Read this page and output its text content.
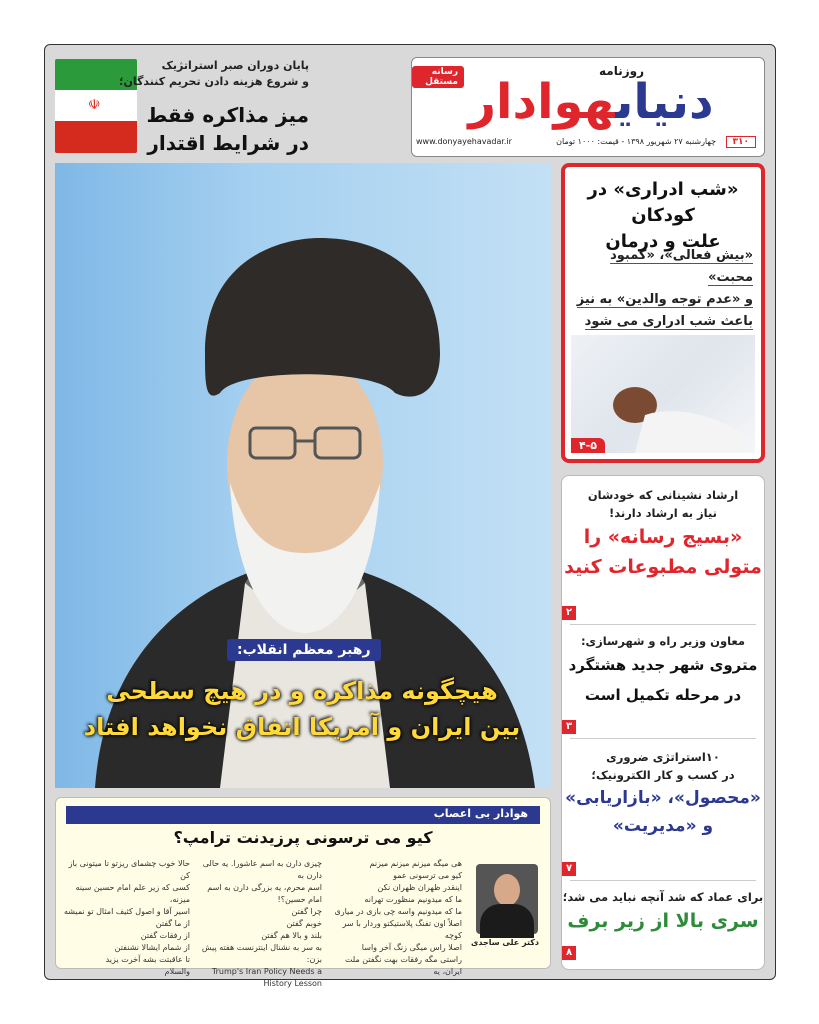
☫
پایان دوران صبر استراتژیک
و شروع هزینه دادن تحریم کنندگان؛
میز مذاکره فقط
در شرایط اقتدار
رسانه مستقل
روزنامه
دنیایهوادار
۳۱۰
چهارشنبه ۲۷ شهریور ۱۳۹۸ - قیمت: ۱۰۰۰ تومان
www.donyayehavadar.ir
رهبر معظم انقلاب:
هیچگونه مذاکره و در هیچ سطحی
بین ایران و آمریکا اتفاق نخواهد افتاد
«شب ادراری» در کودکان
علت و درمان
«بیش فعالی»، «کمبود محبت»
و «عدم توجه والدین» به نیز
باعث شب ادراری می شود
۴-۵
ارشاد نشینانی که خودشان
نیاز به ارشاد دارند!
«بسیج رسانه» را
متولی مطبوعات کنید
۲
معاون وزیر راه و شهرسازی:
متروی شهر جدید هشتگرد
در مرحله تکمیل است
۳
۱۰استراتژی ضروری
در کسب و کار الکترونیک؛
«محصول»، «بازاریابی»
و «مدیریت»
۷
برای عماد که شد آنچه نباید می شد؛
سری بالا از زیر برف
۸
هوادار بی اعصاب
کیو می ترسونی پرزیدنت ترامپ؟
دکتر علی ساجدی
هی میگه میزنم میزنم میزنم
کیو می ترسونی عمو
اینقدر ظهران ظهران نکن
ما که میدونیم منظورت تهرانه
ما که میدونیم واسه چی بازی در میاری
اصلاً اون تفنگ پلاستیکتو وردار با سر کوچه
اصلا راس میگی زنگ آخر واسا
راستی مگه رفقات بهت نگفتن ملت ایران، یه
چیزی دارن به اسم عاشورا. یه حالی دارن به
اسم محرم، یه بزرگی دارن به اسم امام حسین؟!
چرا گفتن
خوبم گفتن
بلند و بالا هم گفتن
به سر به نشنال اینترنست هفته پیش بزن:
Trump's Iran Policy Needs a
History Lesson
حالا خوب چشمای ریزتو تا میتونی باز کن
کسی که زیر علم امام حسین سینه میزنه،
اسیر آقا و اصول کثیف امثال تو نمیشه
از ما گفتن
از رفقات گفتن
از شمام ایشالا نشنفتن
تا عاقبتت بشه آخرت یزید
والسلام
